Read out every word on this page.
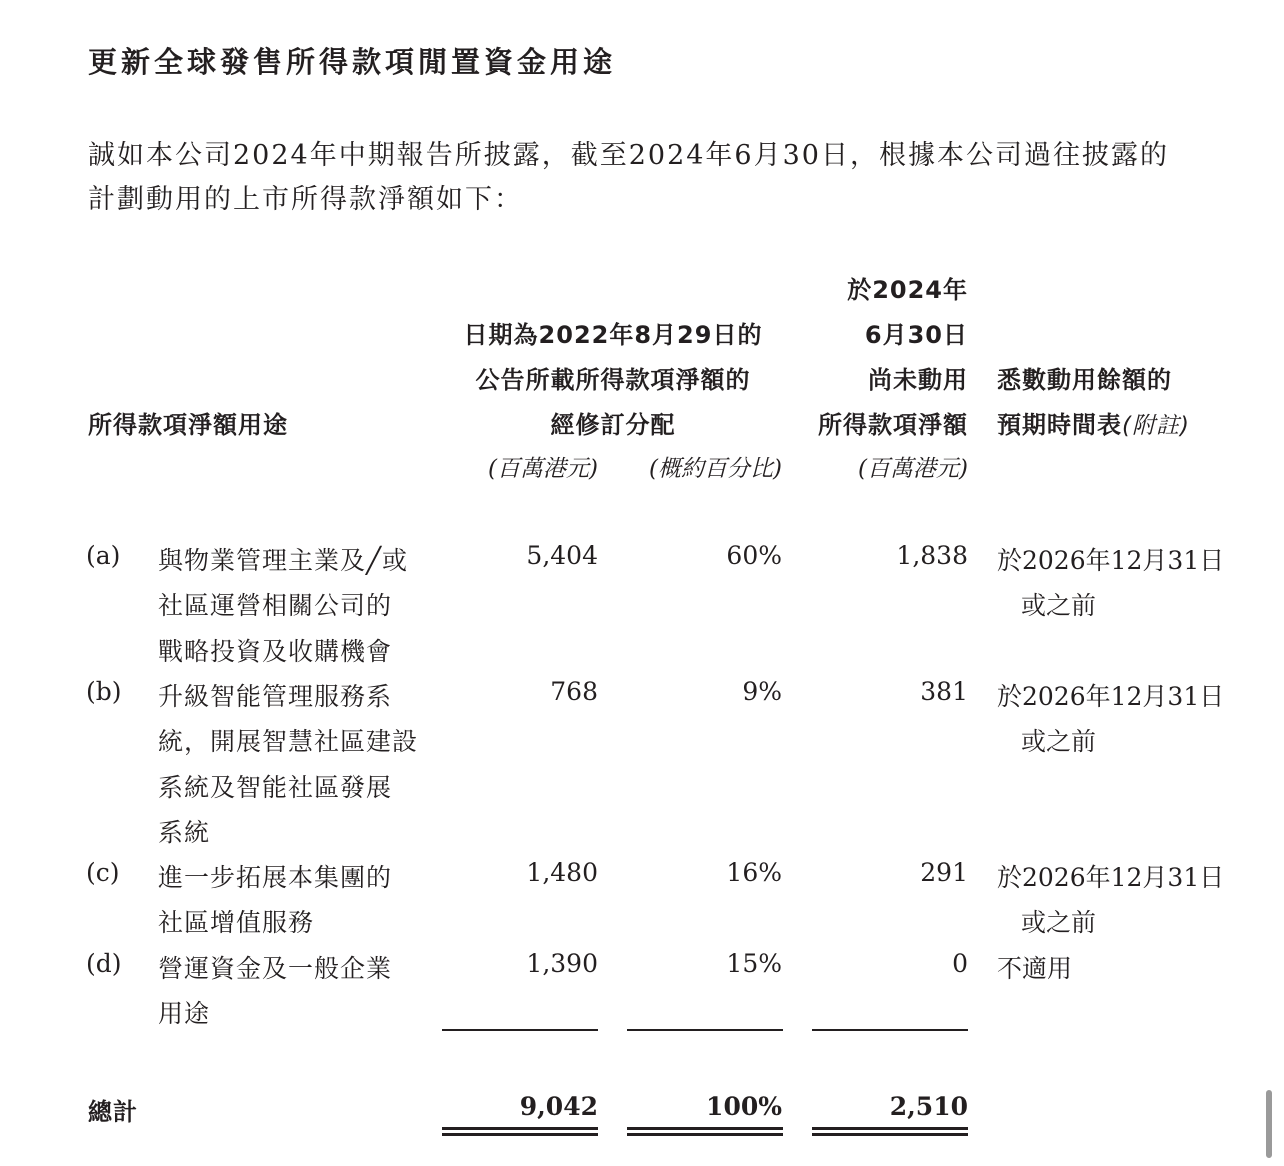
更新全球發售所得款項閒置資金用途
誠如本公司2024年中期報告所披露，截至2024年6月30日，根據本公司過往披露的
計劃動用的上市所得款淨額如下：
所得款項淨額用途
日期為2022年8月29日的
公告所載所得款項淨額的
經修訂分配
於2024年
6月30日
尚未動用
所得款項淨額
悉數動用餘額的
預期時間表(附註)
(百萬港元)	(概約百分比)	(百萬港元)
(a) 與物業管理主業及╱或
社區運營相關公司的
戰略投資及收購機會
5,404	60%	1,838 於2026年12月31日
或之前
(b) 升級智能管理服務系
統，開展智慧社區建設
系統及智能社區發展
系統
768	9%	381 於2026年12月31日
或之前
(c) 進一步拓展本集團的
社區增值服務
1,480	16%	291 於2026年12月31日
或之前
(d) 營運資金及一般企業
用途
1,390	15%	0 不適用
總計	9,042	100%	2,510
